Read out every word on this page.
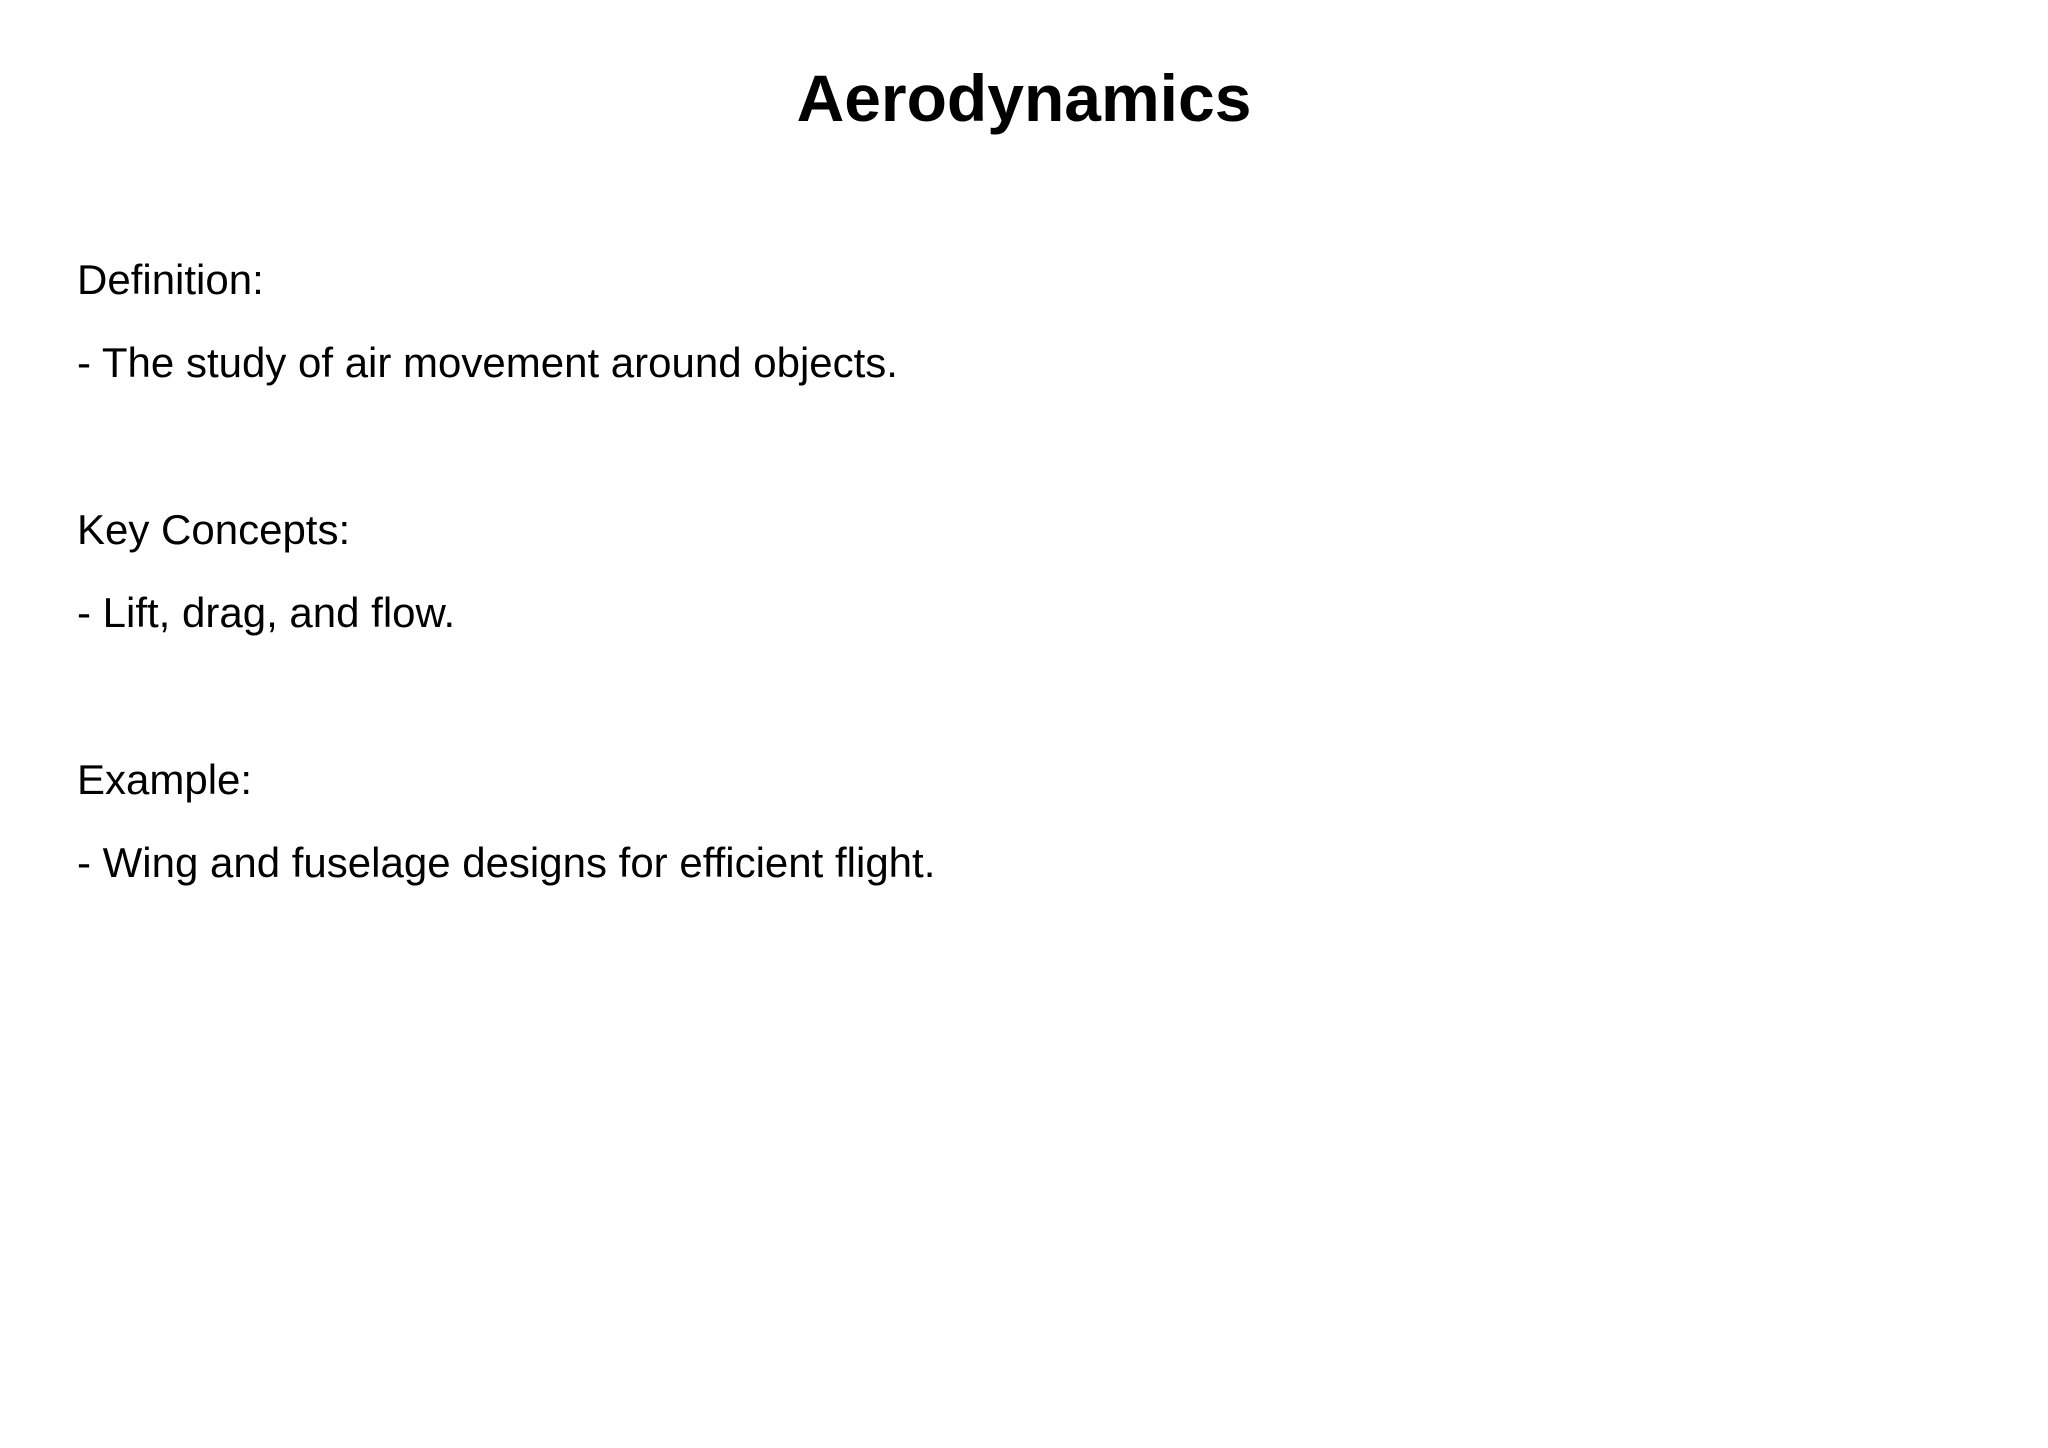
Aerodynamics
Definition:
- The study of air movement around objects.
Key Concepts:
- Lift, drag, and flow.
Example:
- Wing and fuselage designs for efficient flight.
